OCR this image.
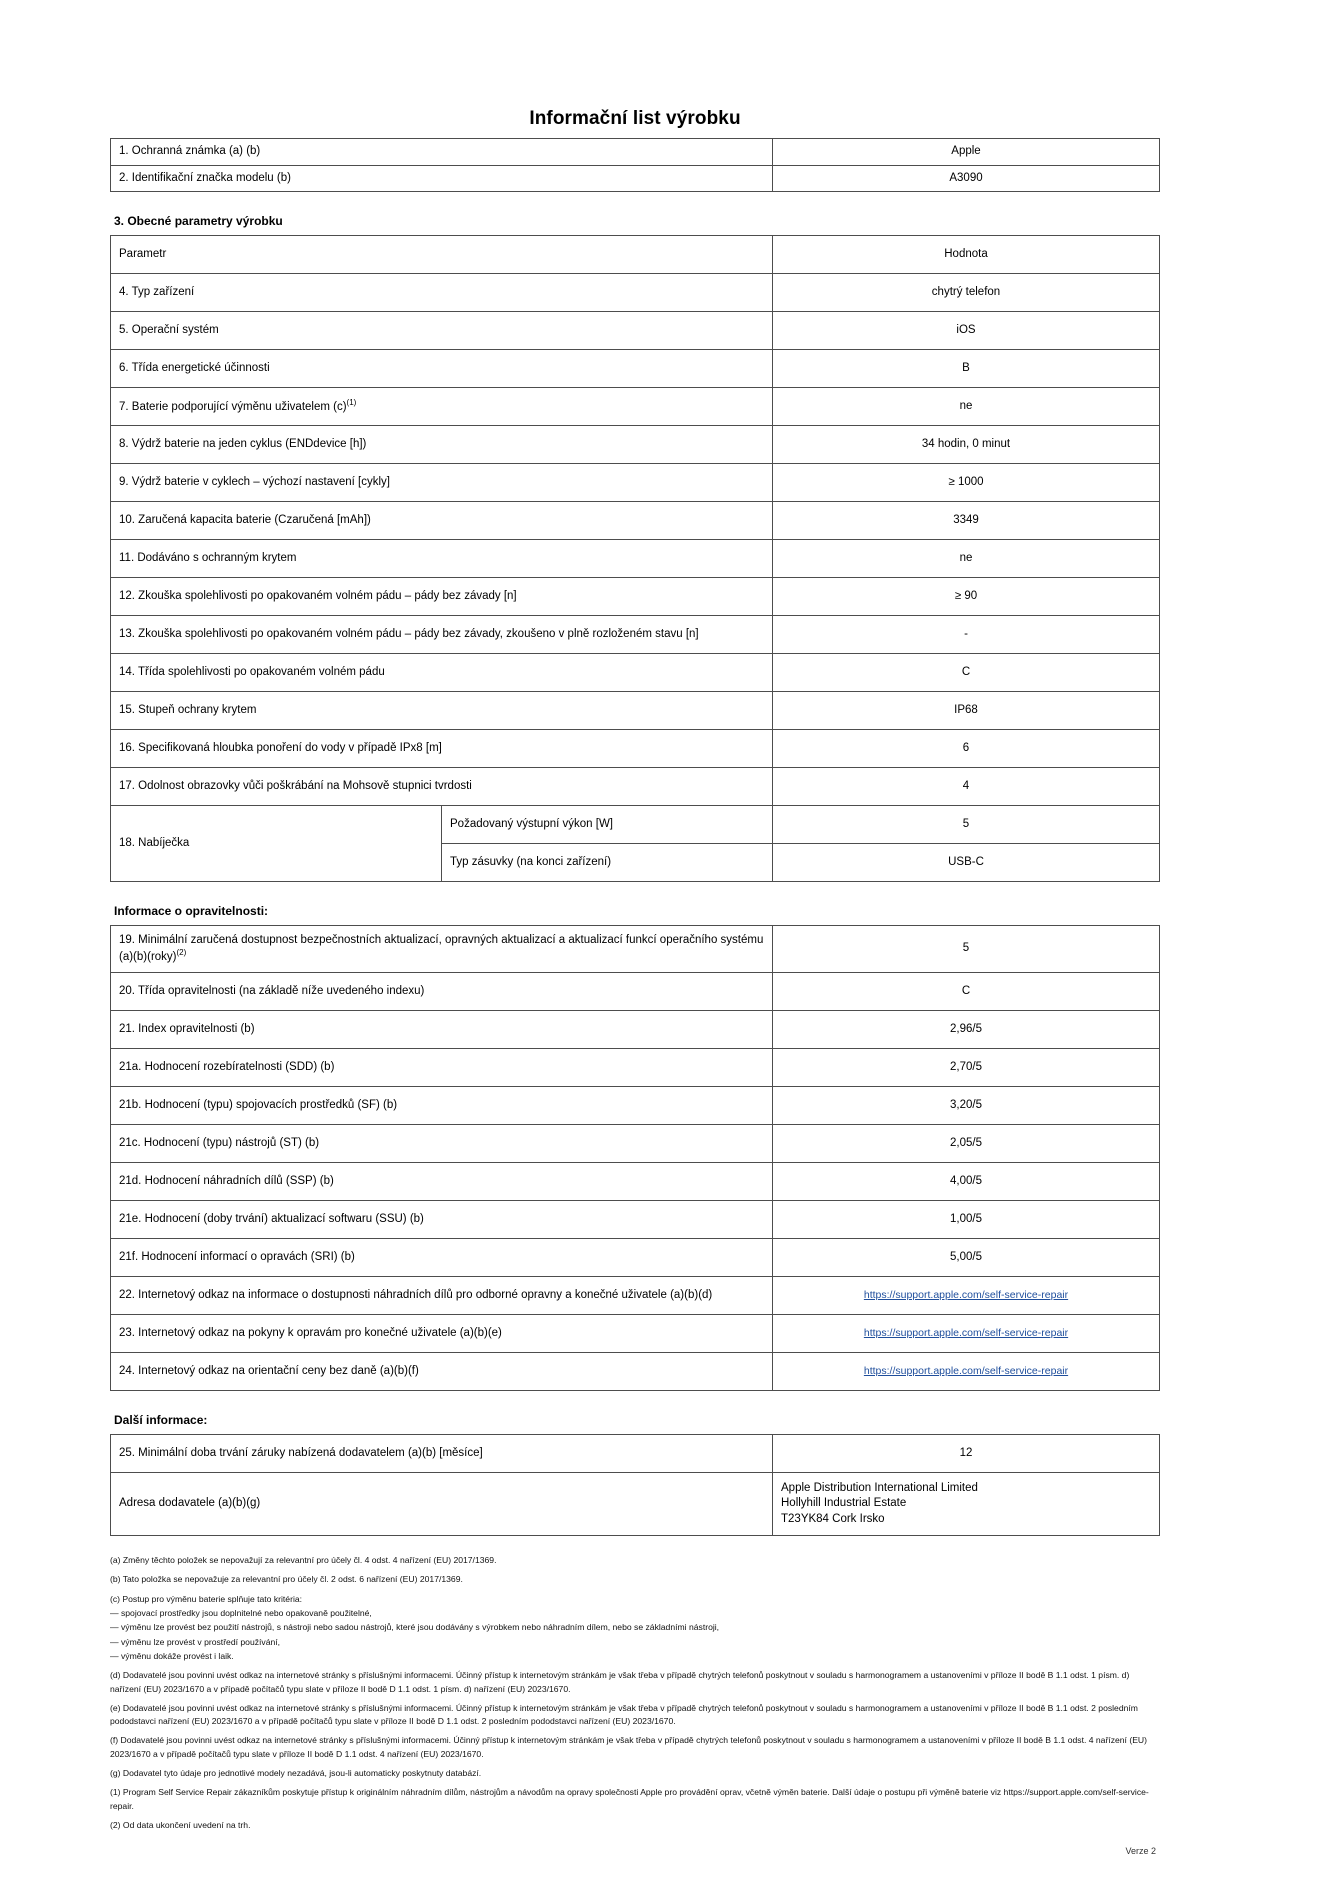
Informační list výrobku
1. Ochranná známka (a) (b)	Apple
2. Identifikační značka modelu (b)	A3090
3. Obecné parametry výrobku
Parametr		Hodnota
4. Typ zařízení		chytrý telefon
5. Operační systém		iOS
6. Třída energetické účinnosti		B
7. Baterie podporující výměnu uživatelem $(c)^{(1)}$		ne
8. Výdrž baterie na jeden cyklus (ENDdevice [h])		34 hodin, 0 minut
9. Výdrž baterie v cyklech – výchozí nastavení [cykly]		≥ 1000
10. Zaručená kapacita baterie (Czaručená [mAh])		3349
11. Dodáváno s ochranným krytem		ne
12. Zkouška spolehlivosti po opakovaném volném pádu – pády bez závady [n]		≥ 90
13. Zkouška spolehlivosti po opakovaném volném pádu – pády bez závady, zkoušeno v plně rozloženém stavu [n]		-
14. Třída spolehlivosti po opakovaném volném pádu		C
15. Stupeň ochrany krytem		IP68
16. Specifikovaná hloubka ponoření do vody v případě IPx8 [m]		6
17. Odolnost obrazovky vůči poškrábání na Mohsově stupnici tvrdosti		4
18. Nabíječka	Požadovaný výstupní výkon [W]	5
	Typ zásuvky (na konci zařízení)	USB-C
Informace o opravitelnosti:
19. Minimální zaručená dostupnost bezpečnostních aktualizací, opravných aktualizací a aktualizací funkcí operačního systému (a)(b)(roky)$^{(2)}$	5
20. Třída opravitelnosti (na základě níže uvedeného indexu)	C
21. Index opravitelnosti (b)	2,96/5
21a. Hodnocení rozebíratelnosti (SDD) (b)	2,70/5
21b. Hodnocení (typu) spojovacích prostředků (SF) (b)	3,20/5
21c. Hodnocení (typu) nástrojů (ST) (b)	2,05/5
21d. Hodnocení náhradních dílů (SSP) (b)	4,00/5
21e. Hodnocení (doby trvání) aktualizací softwaru (SSU) (b)	1,00/5
21f. Hodnocení informací o opravách (SRI) (b)	5,00/5
22. Internetový odkaz na informace o dostupnosti náhradních dílů pro odborné opravny a konečné uživatele (a)(b)(d)	https://support.apple.com/self-service-repair
23. Internetový odkaz na pokyny k opravám pro konečné uživatele (a)(b)(e)	https://support.apple.com/self-service-repair
24. Internetový odkaz na orientační ceny bez daně (a)(b)(f)	https://support.apple.com/self-service-repair
Další informace:
25. Minimální doba trvání záruky nabízená dodavatelem (a)(b) [měsíce]	12
Adresa dodavatele (a)(b)(g)	Apple Distribution International Limited
Hollyhill Industrial Estate
T23YK84 Cork Irsko

(a) Změny těchto položek se nepovažují za relevantní pro účely čl. 4 odst. 4 nařízení (EU) 2017/1369.

(b) Tato položka se nepovažuje za relevantní pro účely čl. 2 odst. 6 nařízení (EU) 2017/1369.

(c) Postup pro výměnu baterie splňuje tato kritéria:

— spojovací prostředky jsou doplnitelné nebo opakovaně použitelné,

— výměnu lze provést bez použití nástrojů, s nástroji nebo sadou nástrojů, které jsou dodávány s výrobkem nebo náhradním dílem, nebo se základními nástroji,

— výměnu lze provést v prostředí používání,

— výměnu dokáže provést i laik.

(d) Dodavatelé jsou povinni uvést odkaz na internetové stránky s příslušnými informacemi. Účinný přístup k internetovým stránkám je však třeba v případě chytrých telefonů poskytnout v souladu s harmonogramem a ustanoveními v příloze II bodě B 1.1 odst. 1 písm. d) nařízení (EU) 2023/1670 a v případě počítačů typu slate v příloze II bodě D 1.1 odst. 1 písm. d) nařízení (EU) 2023/1670.

(e) Dodavatelé jsou povinni uvést odkaz na internetové stránky s příslušnými informacemi. Účinný přístup k internetovým stránkám je však třeba v případě chytrých telefonů poskytnout v souladu s harmonogramem a ustanoveními v příloze II bodě B 1.1 odst. 2 posledním pododstavci nařízení (EU) 2023/1670 a v případě počítačů typu slate v příloze II bodě D 1.1 odst. 2 posledním pododstavci nařízení (EU) 2023/1670.

(f) Dodavatelé jsou povinni uvést odkaz na internetové stránky s příslušnými informacemi. Účinný přístup k internetovým stránkám je však třeba v případě chytrých telefonů poskytnout v souladu s harmonogramem a ustanoveními v příloze II bodě B 1.1 odst. 4 nařízení (EU) 2023/1670 a v případě počítačů typu slate v příloze II bodě D 1.1 odst. 4 nařízení (EU) 2023/1670.

(g) Dodavatel tyto údaje pro jednotlivé modely nezadává, jsou-li automaticky poskytnuty databází.

(1) Program Self Service Repair zákazníkům poskytuje přístup k originálním náhradním dílům, nástrojům a návodům na opravy společnosti Apple pro provádění oprav, včetně výměn baterie. Další údaje o postupu při výměně baterie viz https://support.apple.com/self-service-repair.

(2) Od data ukončení uvedení na trh.

Verze 2
